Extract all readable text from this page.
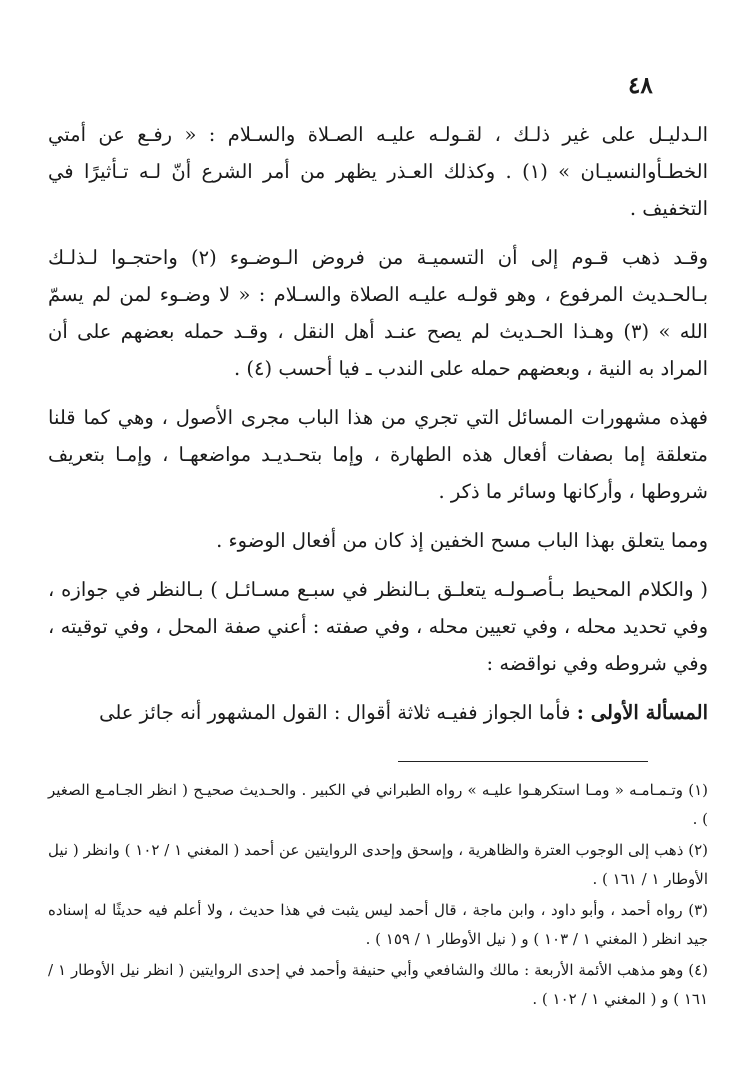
٤٨

الـدليـل على غير ذلـك ، لقـولـه عليـه الصـلاة والسـلام : « رفـع عن أمتي الخطـأوالنسيـان » (١) . وكذلك العـذر يظهر من أمر الشرع أنّ لـه تـأثيرًا في التخفيف .

وقـد ذهب قـوم إلى أن التسميـة من فروض الـوضـوء (٢) واحتجـوا لـذلـك بـالحـديث المرفوع ، وهو قولـه عليـه الصلاة والسـلام : « لا وضـوء لمن لم يسمّ الله » (٣) وهـذا الحـديث لم يصح عنـد أهل النقل ، وقـد حمله بعضهم على أن المراد به النية ، وبعضهم حمله على الندب ـ فيا أحسب (٤) .

فهذه مشهورات المسائل التي تجري من هذا الباب مجرى الأصول ، وهي كما قلنا متعلقة إما بصفات أفعال هذه الطهارة ، وإما بتحـديـد مواضعهـا ، وإمـا بتعريف شروطها ، وأركانها وسائر ما ذكر .

ومما يتعلق بهذا الباب مسح الخفين إذ كان من أفعال الوضوء .

( والكلام المحيط بـأصـولـه يتعلـق بـالنظر في سبـع مسـائـل ) بـالنظر في جوازه ، وفي تحديد محله ، وفي تعيين محله ، وفي صفته : أعني صفة المحل ، وفي توقيته ، وفي شروطه وفي نواقضه :

المسألة الأولى : فأما الجواز ففيـه ثلاثة أقوال : القول المشهور أنه جائز على

(١) وتـمـامـه « ومـا استكرهـوا عليـه » رواه الطبراني في الكبير . والحـديث صحيـح ( انظر الجـامـع الصغير ) .

(٢) ذهب إلى الوجوب العترة والظاهرية ، وإسحق وإحدى الروايتين عن أحمد ( المغني ١ / ١٠٢ ) وانظر ( نيل الأوطار ١ / ١٦١ ) .

(٣) رواه أحمد ، وأبو داود ، وابن ماجة ، قال أحمد ليس يثبت في هذا حديث ، ولا أعلم فيه حديثًا له إسناده جيد انظر ( المغني ١ / ١٠٣ ) و ( نيل الأوطار ١ / ١٥٩ ) .

(٤) وهو مذهب الأئمة الأربعة : مالك والشافعي وأبي حنيفة وأحمد في إحدى الروايتين ( انظر نيل الأوطار ١ / ١٦١ ) و ( المغني ١ / ١٠٢ ) .
